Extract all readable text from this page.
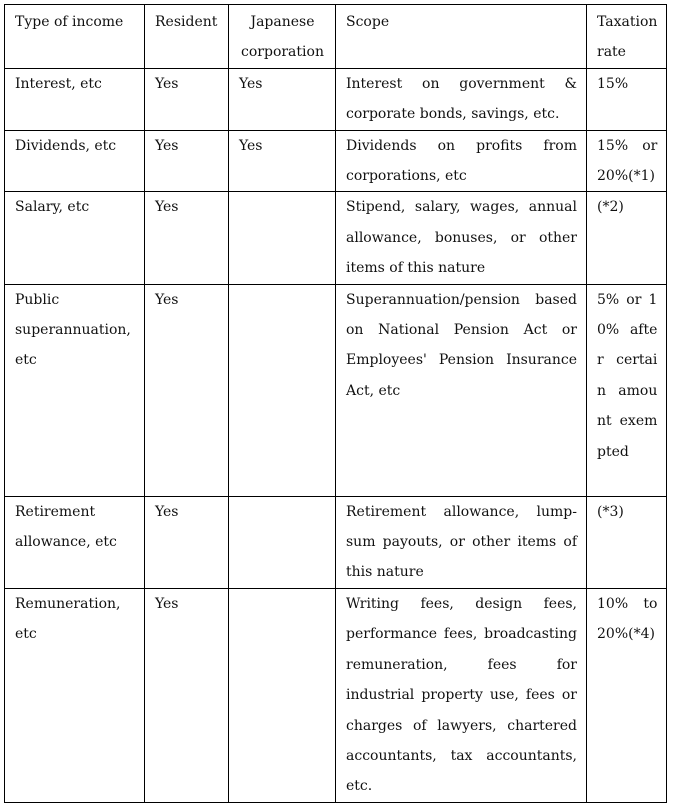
Type of income	Resident	Japanese corporation	Scope	Taxation rate
Interest, etc	Yes	Yes	Interest on government & corporate bonds, savings, etc.	15%
Dividends, etc	Yes	Yes	Dividends on profits from corporations, etc	15% or 20%(*1)
Salary, etc	Yes		Stipend, salary, wages, annual allowance, bonuses, or other items of this nature	(*2)
Public superannuation, etc	Yes		Superannuation/pension based on National Pension Act or Employees' Pension Insurance Act, etc	5% or 10% after certain amount exempted
Retirement allowance, etc	Yes		Retirement allowance, lump-sum payouts, or other items of this nature	(*3)
Remuneration, etc	Yes		Writing fees, design fees, performance fees, broadcasting remuneration, fees for industrial property use, fees or charges of lawyers, chartered accountants, tax accountants, etc.	10% to 20%(*4)
